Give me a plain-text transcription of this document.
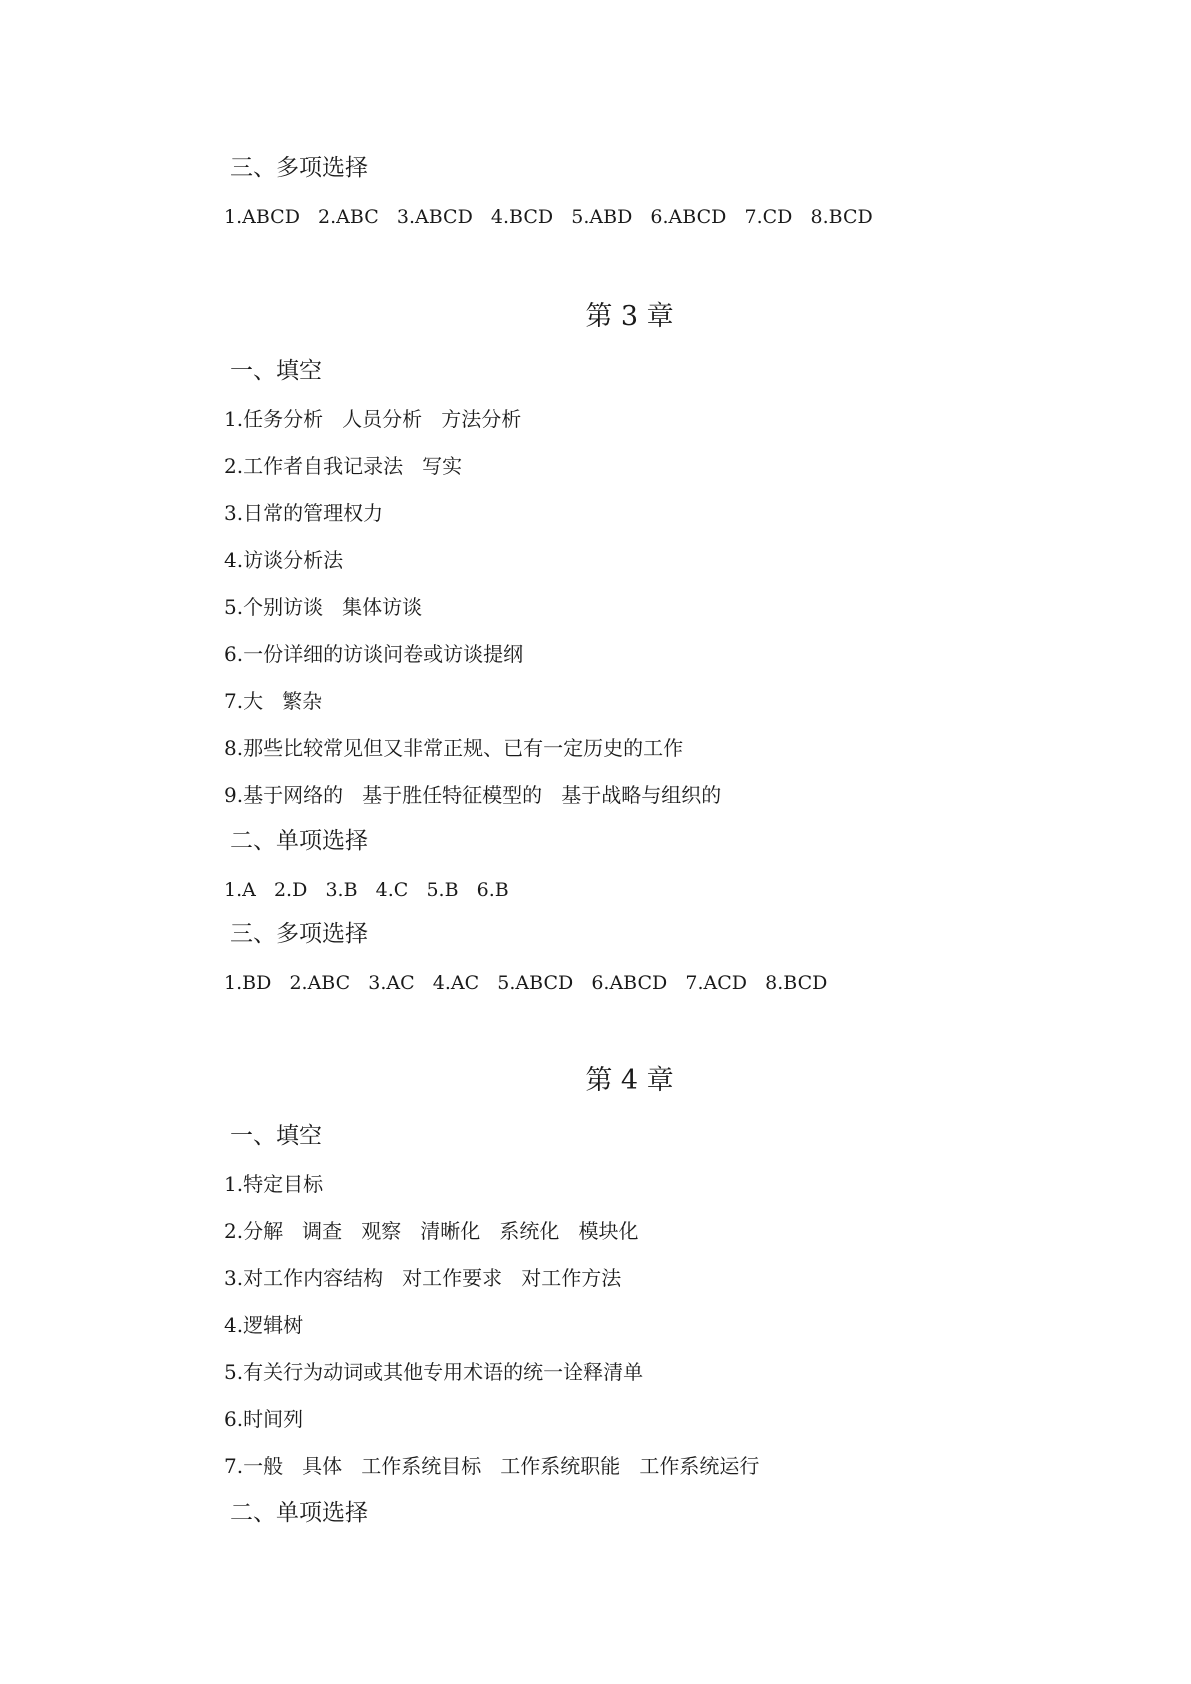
三、多项选择
1.ABCD   2.ABC   3.ABCD   4.BCD   5.ABD   6.ABCD   7.CD   8.BCD
第 3 章
一、填空
1.任务分析   人员分析   方法分析
2.工作者自我记录法   写实
3.日常的管理权力
4.访谈分析法
5.个别访谈   集体访谈
6.一份详细的访谈问卷或访谈提纲
7.大   繁杂
8.那些比较常见但又非常正规、已有一定历史的工作
9.基于网络的   基于胜任特征模型的   基于战略与组织的
二、单项选择
1.A   2.D   3.B   4.C   5.B   6.B
三、多项选择
1.BD   2.ABC   3.AC   4.AC   5.ABCD   6.ABCD   7.ACD   8.BCD
第 4 章
一、填空
1.特定目标
2.分解   调查   观察   清晰化   系统化   模块化
3.对工作内容结构   对工作要求   对工作方法
4.逻辑树
5.有关行为动词或其他专用术语的统一诠释清单
6.时间列
7.一般   具体   工作系统目标   工作系统职能   工作系统运行
二、单项选择
